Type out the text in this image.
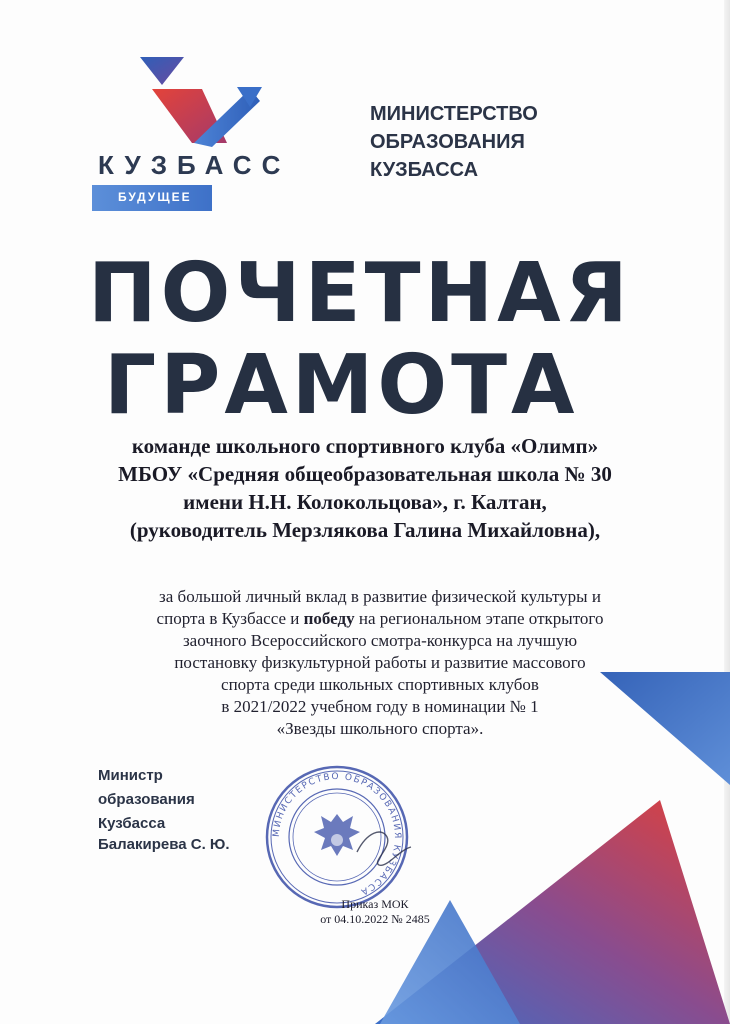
КУЗБАСС
БУДУЩЕЕ
МИНИСТЕРСТВО
ОБРАЗОВАНИЯ
КУЗБАССА
ПОЧЕТНАЯ
ГРАМОТА
команде школьного спортивного клуба «Олимп»
МБОУ «Средняя общеобразовательная школа № 30
имени Н.Н. Колокольцова», г. Калтан,
(руководитель Мерзлякова Галина Михайловна),
за большой личный вклад в развитие физической культуры и
спорта в Кузбассе и победу на региональном этапе открытого
заочного Всероссийского смотра-конкурса на лучшую
постановку физкультурной работы и развитие массового
спорта среди школьных спортивных клубов
в 2021/2022 учебном году в номинации № 1
«Звезды школьного спорта».
Министр
образования
Кузбасса
Балакирева С. Ю.
МИНИСТЕРСТВО ОБРАЗОВАНИЯ КУЗБАССА
Приказ МОК
от 04.10.2022 № 2485
